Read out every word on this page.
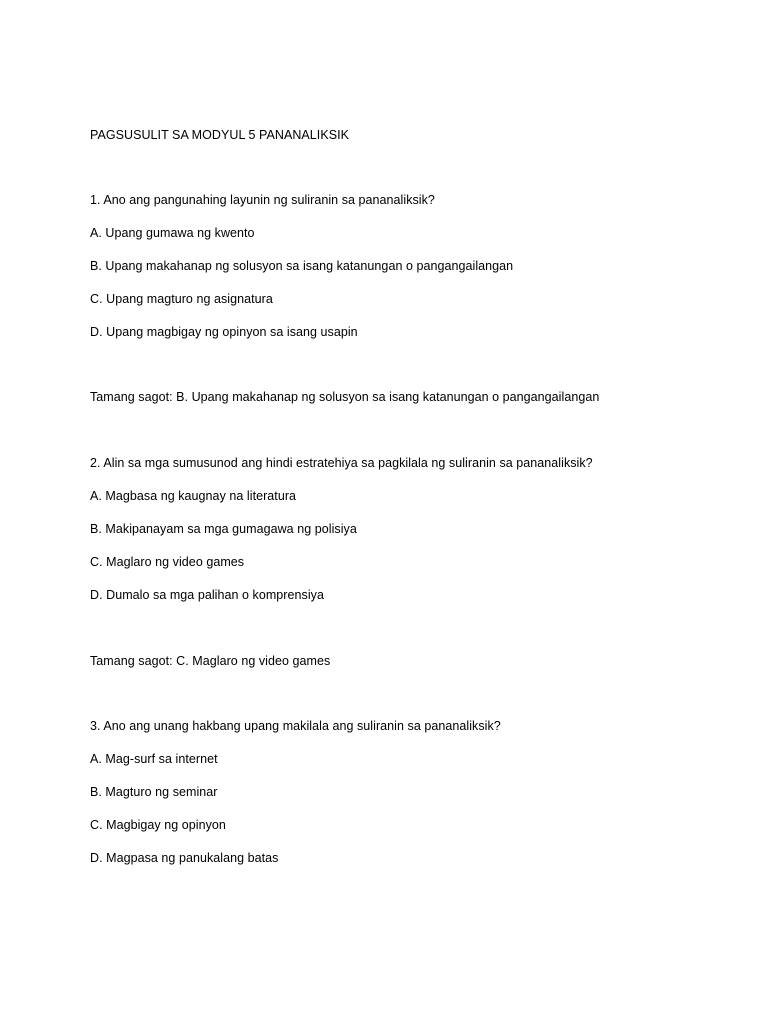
PAGSUSULIT SA MODYUL 5 PANANALIKSIK
1. Ano ang pangunahing layunin ng suliranin sa pananaliksik?
A. Upang gumawa ng kwento
B. Upang makahanap ng solusyon sa isang katanungan o pangangailangan
C. Upang magturo ng asignatura
D. Upang magbigay ng opinyon sa isang usapin
Tamang sagot: B. Upang makahanap ng solusyon sa isang katanungan o pangangailangan
2. Alin sa mga sumusunod ang hindi estratehiya sa pagkilala ng suliranin sa pananaliksik?
A. Magbasa ng kaugnay na literatura
B. Makipanayam sa mga gumagawa ng polisiya
C. Maglaro ng video games
D. Dumalo sa mga palihan o komprensiya
Tamang sagot: C. Maglaro ng video games
3. Ano ang unang hakbang upang makilala ang suliranin sa pananaliksik?
A. Mag-surf sa internet
B. Magturo ng seminar
C. Magbigay ng opinyon
D. Magpasa ng panukalang batas
